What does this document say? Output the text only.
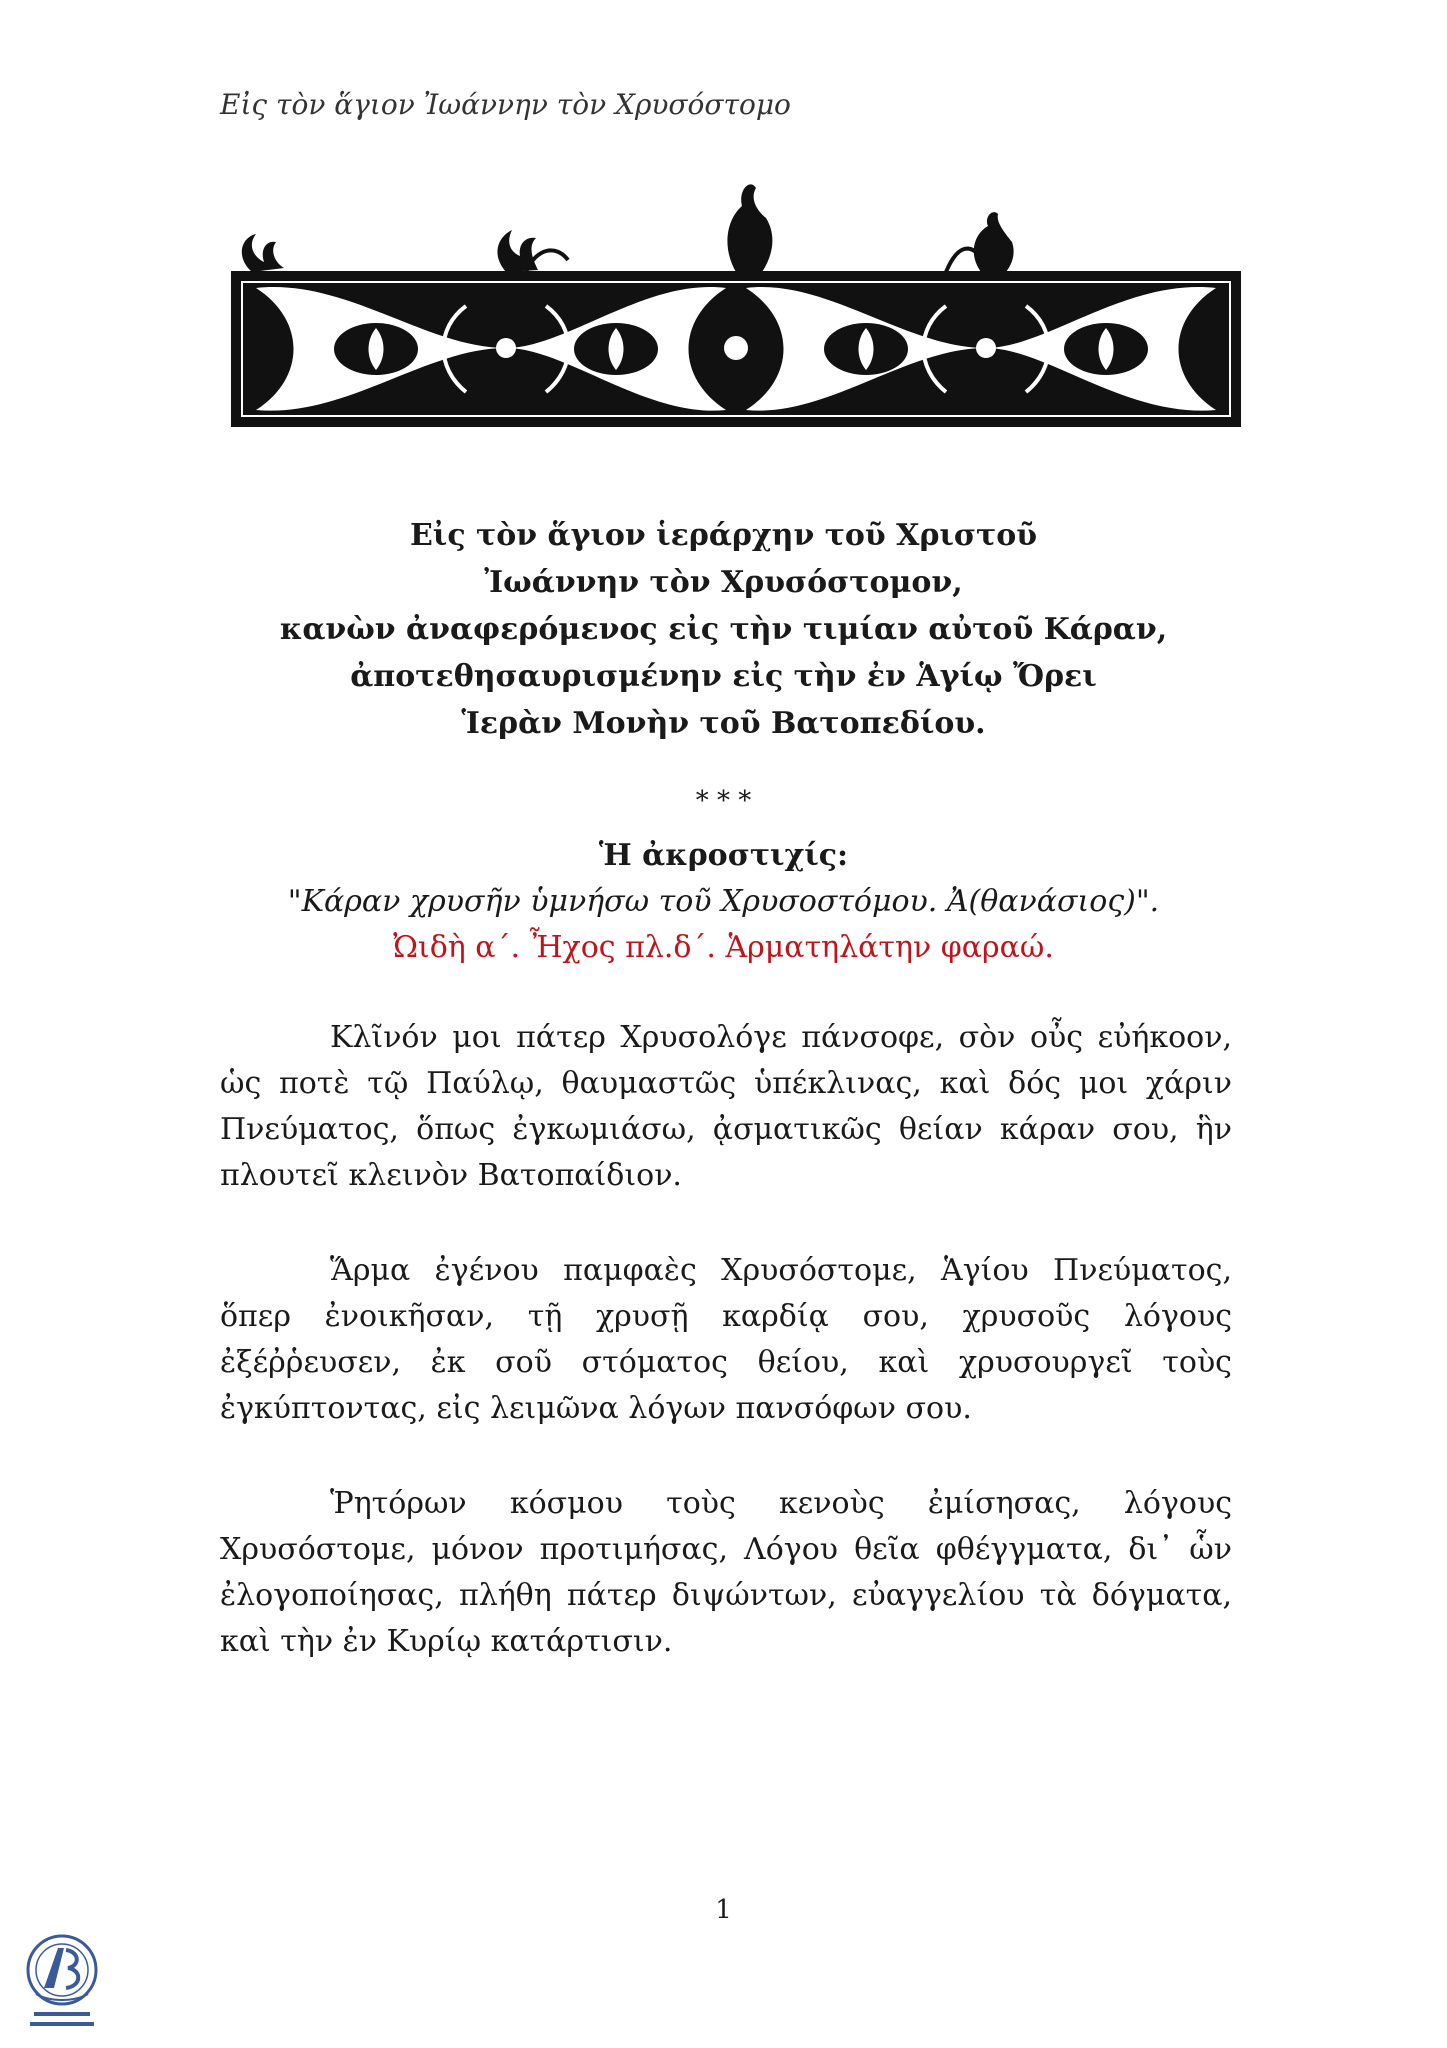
Εἰς τὸν ἅγιον Ἰωάννην τὸν Χρυσόστομο
Εἰς τὸν ἅγιον ἱεράρχην τοῦ Χριστοῦ
Ἰωάννην τὸν Χρυσόστομον,
κανὼν ἀναφερόμενος εἰς τὴν τιμίαν αὐτοῦ Κάραν,
ἀποτεθησαυρισμένην εἰς τὴν ἐν Ἁγίῳ Ὄρει
Ἱερὰν Μονὴν τοῦ Βατοπεδίου.
* * *
Ἡ ἀκροστιχίς:
"Κάραν χρυσῆν ὑμνήσω τοῦ Χρυσοστόμου. Ἀ(θανάσιος)".
Ὠιδὴ α΄. Ἦχος πλ.δ΄. Ἁρματηλάτην φαραώ.

Κλῖνόν μοι πάτερ Χρυσολόγε πάνσοφε, σὸν οὖς εὐήκοον, ὡς ποτὲ τῷ Παύλῳ, θαυμαστῶς ὑπέκλινας, καὶ δός μοι χάριν Πνεύματος, ὅπως ἐγκωμιάσω, ᾀσματικῶς θείαν κάραν σου, ἣν πλουτεῖ κλεινὸν Βατοπαίδιον.

Ἅρμα ἐγένου παμφαὲς Χρυσόστομε, Ἁγίου Πνεύματος, ὅπερ ἐνοικῆσαν, τῇ χρυσῇ καρδίᾳ σου, χρυσοῦς λόγους ἐξέῤῥευσεν, ἐκ σοῦ στόματος θείου, καὶ χρυσουργεῖ τοὺς ἐγκύπτοντας, εἰς λειμῶνα λόγων πανσόφων σου.

Ῥητόρων κόσμου τοὺς κενοὺς ἐμίσησας, λόγους Χρυσόστομε, μόνον προτιμήσας, Λόγου θεῖα φθέγγματα, δι᾿ ὧν ἐλογοποίησας, πλήθη πάτερ διψώντων, εὐαγγελίου τὰ δόγματα, καὶ τὴν ἐν Κυρίῳ κατάρτισιν.

1
